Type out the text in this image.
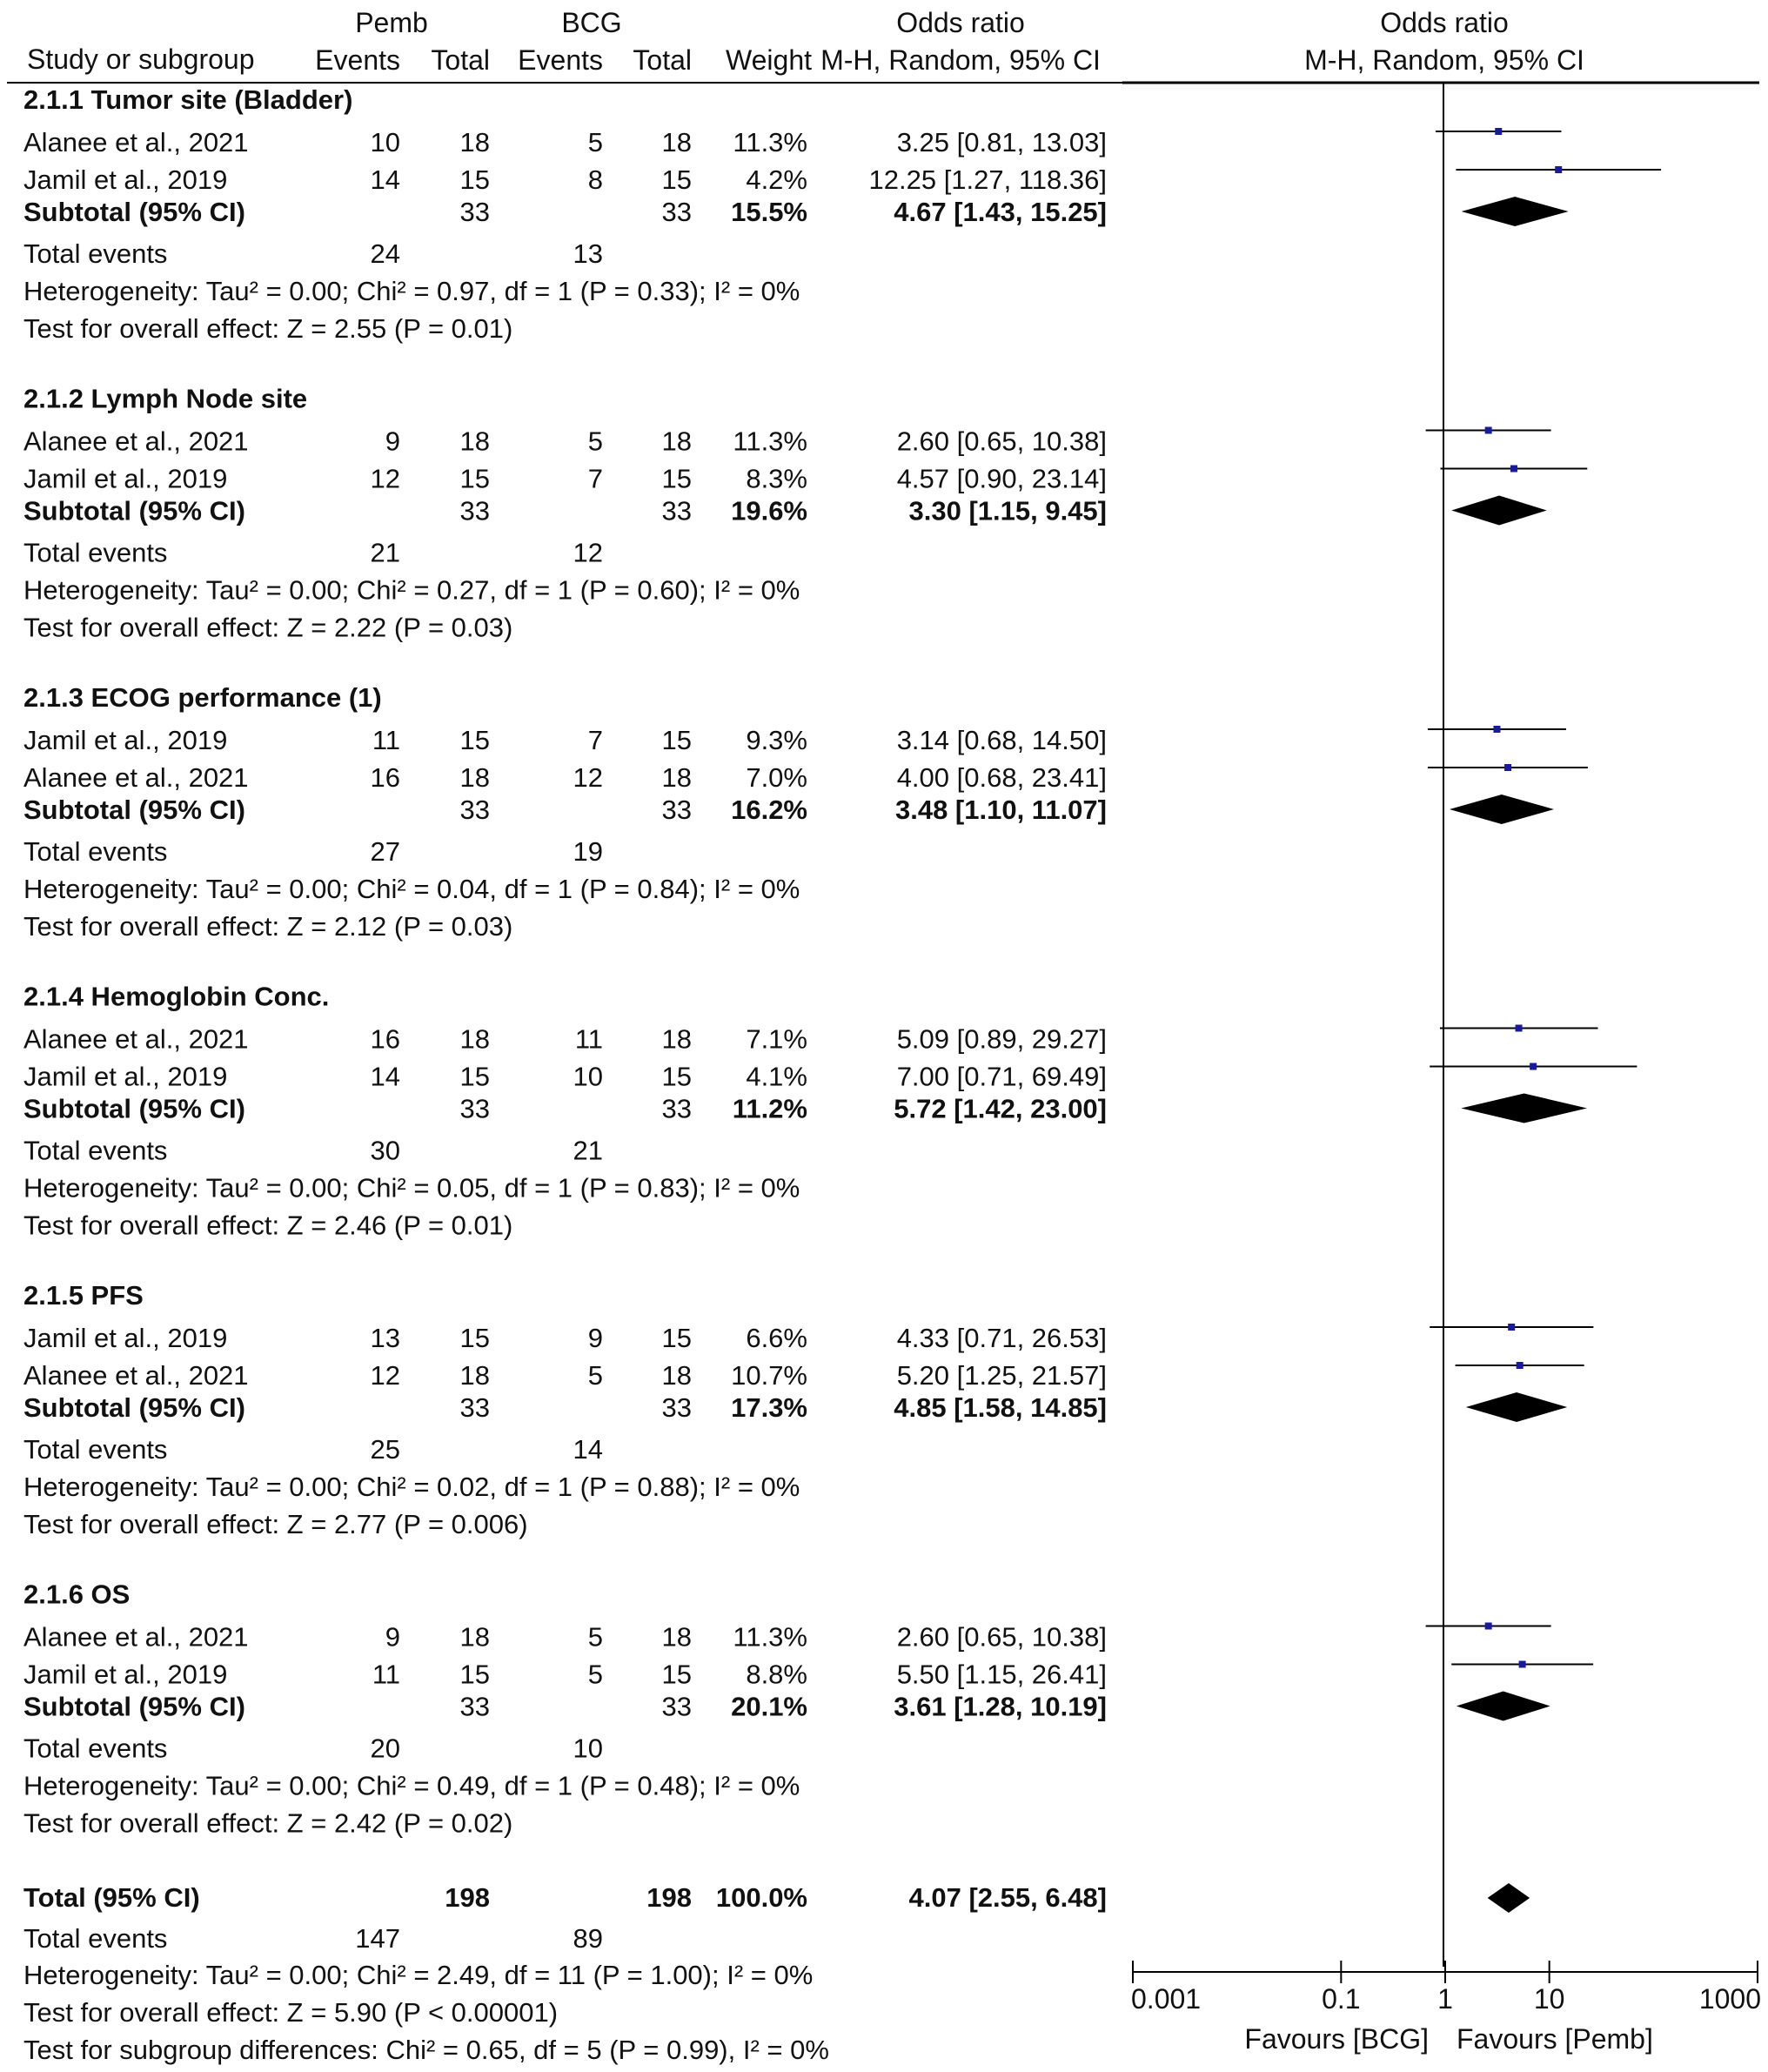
Pemb	BCG	Odds ratio	Odds ratio
Study or subgroup Events Total Events Total Weight M-H, Random, 95% CI	M-H, Random, 95% CI
2.1.1 Tumor site (Bladder)
Alanee et al., 2021	10 18	5 18 11.3%	3.25 [0.81, 13.03]
Jamil et al., 2019	14 15	8 15 4.2% 12.25 [1.27, 118.36]
Subtotal (95% CI)	33	33 15.5%	4.67 [1.43, 15.25]
Total events	24	13
Heterogeneity: Tau² = 0.00; Chi² = 0.97, df = 1 (P = 0.33); I² = 0%
Test for overall effect: Z = 2.55 (P = 0.01)
2.1.2 Lymph Node site
Alanee et al., 2021	9 18	5 18 11.3%	2.60 [0.65, 10.38]
Jamil et al., 2019	12 15	7 15 8.3%	4.57 [0.90, 23.14]
Subtotal (95% CI)	33	33 19.6%	3.30 [1.15, 9.45]
Total events	21	12
Heterogeneity: Tau² = 0.00; Chi² = 0.27, df = 1 (P = 0.60); I² = 0%
Test for overall effect: Z = 2.22 (P = 0.03)
2.1.3 ECOG performance (1)
Jamil et al., 2019	11 15	7 15 9.3%	3.14 [0.68, 14.50]
Alanee et al., 2021	16 18	12 18 7.0%	4.00 [0.68, 23.41]
Subtotal (95% CI)	33	33 16.2%	3.48 [1.10, 11.07]
Total events	27	19
Heterogeneity: Tau² = 0.00; Chi² = 0.04, df = 1 (P = 0.84); I² = 0%
Test for overall effect: Z = 2.12 (P = 0.03)
2.1.4 Hemoglobin Conc.
Alanee et al., 2021	16 18	11 18 7.1%	5.09 [0.89, 29.27]
Jamil et al., 2019	14 15	10 15 4.1%	7.00 [0.71, 69.49]
Subtotal (95% CI)	33	33 11.2%	5.72 [1.42, 23.00]
Total events	30	21
Heterogeneity: Tau² = 0.00; Chi² = 0.05, df = 1 (P = 0.83); I² = 0%
Test for overall effect: Z = 2.46 (P = 0.01)
2.1.5 PFS
Jamil et al., 2019	13 15	9 15 6.6%	4.33 [0.71, 26.53]
Alanee et al., 2021	12 18	5 18 10.7%	5.20 [1.25, 21.57]
Subtotal (95% CI)	33	33 17.3%	4.85 [1.58, 14.85]
Total events	25	14
Heterogeneity: Tau² = 0.00; Chi² = 0.02, df = 1 (P = 0.88); I² = 0%
Test for overall effect: Z = 2.77 (P = 0.006)
2.1.6 OS
Alanee et al., 2021	9 18	5 18 11.3%	2.60 [0.65, 10.38]
Jamil et al., 2019	11 15	5 15 8.8%	5.50 [1.15, 26.41]
Subtotal (95% CI)	33	33 20.1%	3.61 [1.28, 10.19]
Total events	20	10
Heterogeneity: Tau² = 0.00; Chi² = 0.49, df = 1 (P = 0.48); I² = 0%
Test for overall effect: Z = 2.42 (P = 0.02)
Total (95% CI)	198	198 100.0%	4.07 [2.55, 6.48]
Total events	147	89
Heterogeneity: Tau² = 0.00; Chi² = 2.49, df = 11 (P = 1.00); I² = 0%
Test for overall effect: Z = 5.90 (P < 0.00001)
Test for subgroup differences: Chi² = 0.65, df = 5 (P = 0.99), I² = 0%
0.001	0.1	1	10	1000
Favours [BCG] Favours [Pemb]
